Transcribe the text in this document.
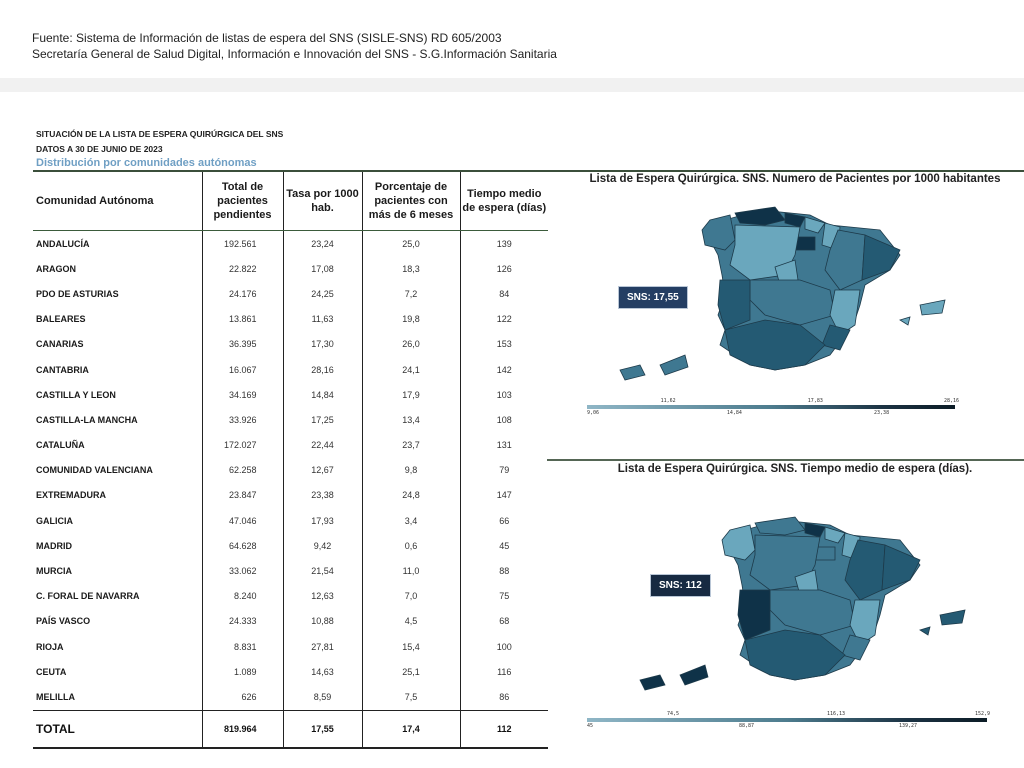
Fuente: Sistema de Información de listas de espera del SNS (SISLE-SNS) RD 605/2003
Secretaría General de Salud Digital, Información e Innovación del SNS - S.G.Información Sanitaria
SITUACIÓN DE LA LISTA DE ESPERA QUIRÚRGICA DEL SNS
DATOS A 30 DE JUNIO DE 2023
Distribución por comunidades autónomas
Comunidad Autónoma	Total de pacientes pendientes	Tasa por 1000 hab.	Porcentaje de pacientes con más de 6 meses	Tiempo medio de espera (días)
ANDALUCÍA	192.561	23,24	25,0	139
ARAGON	22.822	17,08	18,3	126
PDO DE ASTURIAS	24.176	24,25	7,2	84
BALEARES	13.861	11,63	19,8	122
CANARIAS	36.395	17,30	26,0	153
CANTABRIA	16.067	28,16	24,1	142
CASTILLA Y LEON	34.169	14,84	17,9	103
CASTILLA-LA MANCHA	33.926	17,25	13,4	108
CATALUÑA	172.027	22,44	23,7	131
COMUNIDAD VALENCIANA	62.258	12,67	9,8	79
EXTREMADURA	23.847	23,38	24,8	147
GALICIA	47.046	17,93	3,4	66
MADRID	64.628	9,42	0,6	45
MURCIA	33.062	21,54	11,0	88
C. FORAL DE NAVARRA	8.240	12,63	7,0	75
PAÍS VASCO	24.333	10,88	4,5	68
RIOJA	8.831	27,81	15,4	100
CEUTA	1.089	14,63	25,1	116
MELILLA	626	8,59	7,5	86
TOTAL	819.964	17,55	17,4	112
Lista de Espera Quirúrgica. SNS. Numero de Pacientes por 1000 habitantes
SNS: 17,55
11,62	17,83	28,16
9,06	14,84	23,38
Lista de Espera Quirúrgica. SNS. Tiempo medio de espera (días).
SNS: 112
74,5	116,13	152,9
45	88,87	139,27
